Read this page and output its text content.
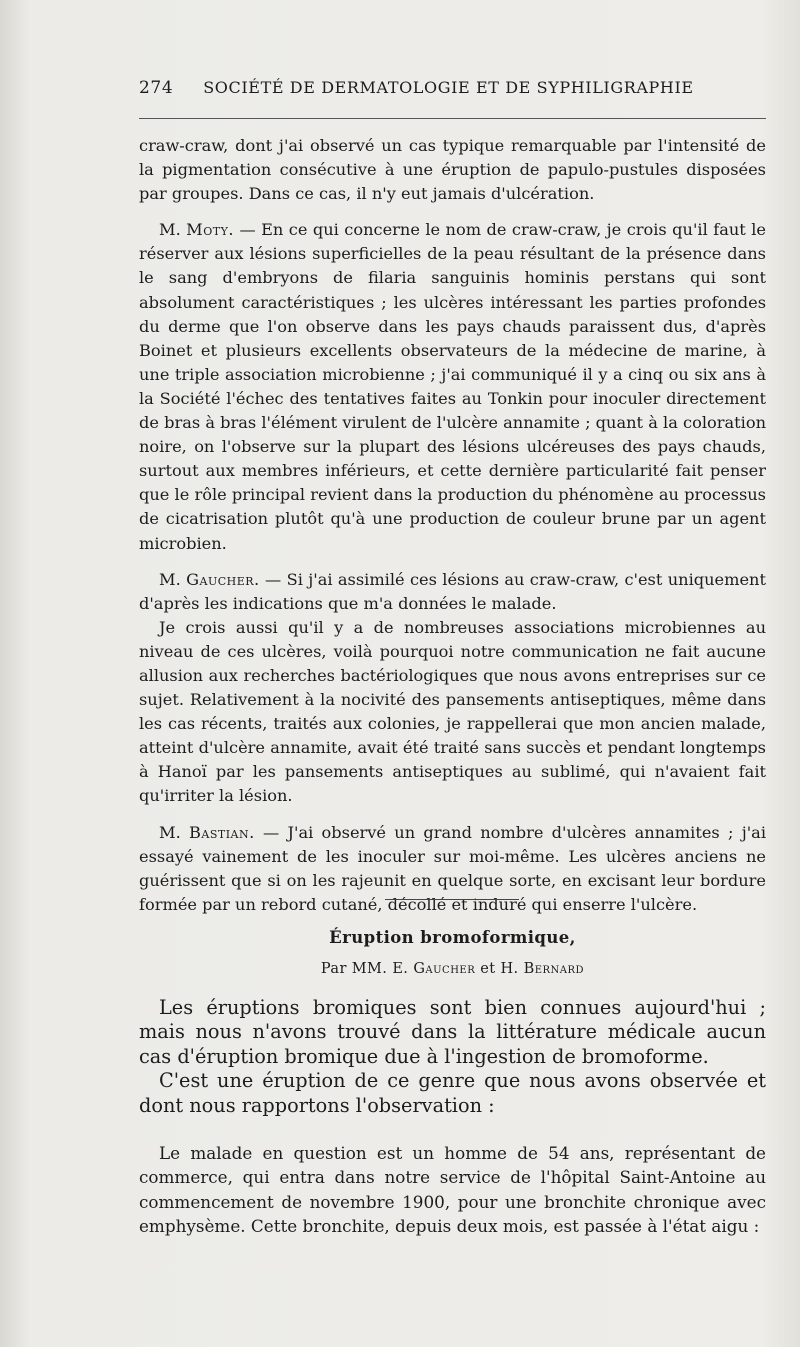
274 SOCIÉTÉ DE DERMATOLOGIE ET DE SYPHILIGRAPHIE

craw-craw, dont j'ai observé un cas typique remarquable par l'intensité de la pigmentation consécutive à une éruption de papulo-pustules disposées par groupes. Dans ce cas, il n'y eut jamais d'ulcération.

M. Moty. — En ce qui concerne le nom de craw-craw, je crois qu'il faut le réserver aux lésions superficielles de la peau résultant de la présence dans le sang d'embryons de filaria sanguinis hominis perstans qui sont absolument caractéristiques ; les ulcères intéressant les parties profondes du derme que l'on observe dans les pays chauds paraissent dus, d'après Boinet et plusieurs excellents observateurs de la médecine de marine, à une triple association microbienne ; j'ai communiqué il y a cinq ou six ans à la Société l'échec des tentatives faites au Tonkin pour inoculer directement de bras à bras l'élément virulent de l'ulcère annamite ; quant à la coloration noire, on l'observe sur la plupart des lésions ulcéreuses des pays chauds, surtout aux membres inférieurs, et cette dernière particularité fait penser que le rôle principal revient dans la production du phénomène au processus de cicatrisation plutôt qu'à une production de couleur brune par un agent microbien.

M. Gaucher. — Si j'ai assimilé ces lésions au craw-craw, c'est uniquement d'après les indications que m'a données le malade.

Je crois aussi qu'il y a de nombreuses associations microbiennes au niveau de ces ulcères, voilà pourquoi notre communication ne fait aucune allusion aux recherches bactériologiques que nous avons entreprises sur ce sujet. Relativement à la nocivité des pansements antiseptiques, même dans les cas récents, traités aux colonies, je rappellerai que mon ancien malade, atteint d'ulcère annamite, avait été traité sans succès et pendant longtemps à Hanoï par les pansements antiseptiques au sublimé, qui n'avaient fait qu'irriter la lésion.

M. Bastian. — J'ai observé un grand nombre d'ulcères annamites ; j'ai essayé vainement de les inoculer sur moi-même. Les ulcères anciens ne guérissent que si on les rajeunit en quelque sorte, en excisant leur bordure formée par un rebord cutané, décollé et induré qui enserre l'ulcère.

Éruption bromoformique,
Par MM. E. Gaucher et H. Bernard

Les éruptions bromiques sont bien connues aujourd'hui ; mais nous n'avons trouvé dans la littérature médicale aucun cas d'éruption bromique due à l'ingestion de bromoforme.

C'est une éruption de ce genre que nous avons observée et dont nous rapportons l'observation :

Le malade en question est un homme de 54 ans, représentant de commerce, qui entra dans notre service de l'hôpital Saint-Antoine au commencement de novembre 1900, pour une bronchite chronique avec emphysème. Cette bronchite, depuis deux mois, est passée à l'état aigu :
